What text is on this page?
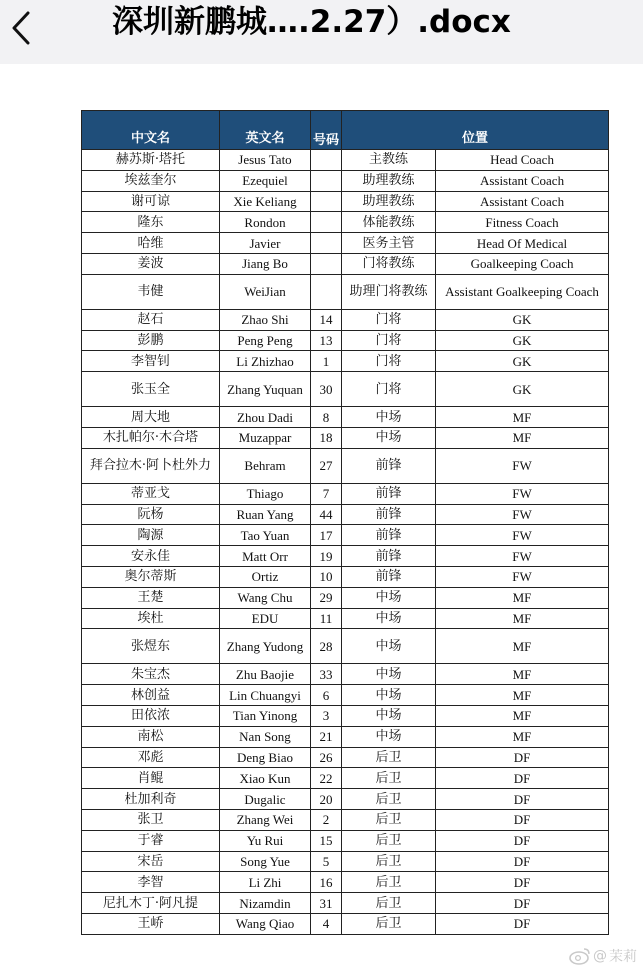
深圳新鹏城….2.27）.docx
中文名	英文名	号码	位置	

赫苏斯·塔托	Jesus Tato		主教练	Head Coach
埃兹奎尔	Ezequiel		助理教练	Assistant Coach
谢可谅	Xie Keliang		助理教练	Assistant Coach
隆东	Rondon		体能教练	Fitness Coach
哈维	Javier		医务主管	Head Of Medical
姜波	Jiang Bo		门将教练	Goalkeeping Coach
韦健	WeiJian		助理门将教练	Assistant Goalkeeping Coach
赵石	Zhao Shi	14	门将	GK
彭鹏	Peng Peng	13	门将	GK
李智钊	Li Zhizhao	1	门将	GK
张玉全	Zhang Yuquan	30	门将	GK
周大地	Zhou Dadi	8	中场	MF
木扎帕尔·木合塔	Muzappar	18	中场	MF
拜合拉木·阿卜杜外力	Behram	27	前锋	FW
蒂亚戈	Thiago	7	前锋	FW
阮杨	Ruan Yang	44	前锋	FW
陶源	Tao Yuan	17	前锋	FW
安永佳	Matt Orr	19	前锋	FW
奥尔蒂斯	Ortiz	10	前锋	FW
王楚	Wang Chu	29	中场	MF
埃杜	EDU	11	中场	MF
张煜东	Zhang Yudong	28	中场	MF
朱宝杰	Zhu Baojie	33	中场	MF
林创益	Lin Chuangyi	6	中场	MF
田依浓	Tian Yinong	3	中场	MF
南松	Nan Song	21	中场	MF
邓彪	Deng Biao	26	后卫	DF
肖鲲	Xiao Kun	22	后卫	DF
杜加利奇	Dugalic	20	后卫	DF
张卫	Zhang Wei	2	后卫	DF
于睿	Yu Rui	15	后卫	DF
宋岳	Song Yue	5	后卫	DF
李智	Li Zhi	16	后卫	DF
尼扎木丁·阿凡提	Nizamdin	31	后卫	DF
王峤	Wang Qiao	4	后卫	DF
@ 茉莉
